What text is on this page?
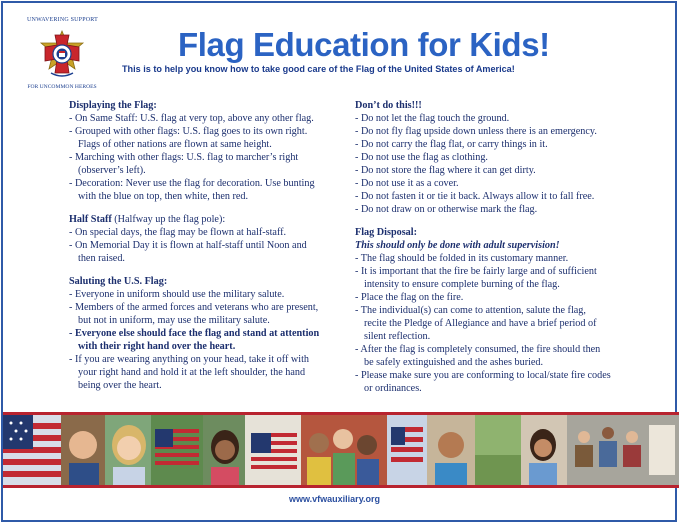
UNWAVERING SUPPORT
FOR UNCOMMON HEROES
Flag Education for Kids!
This is to help you know how to take good care of the Flag of the United States of America!
Displaying the Flag:
- On Same Staff: U.S. flag at very top, above any other flag.
- Grouped with other flags: U.S. flag goes to its own right.
Flags of other nations are flown at same height.
- Marching with other flags: U.S. flag to marcher’s right
(observer’s left).
- Decoration: Never use the flag for decoration. Use bunting
with the blue on top, then white, then red.
Half Staff (Halfway up the flag pole):
- On special days, the flag may be flown at half-staff.
- On Memorial Day it is flown at half-staff until Noon and
then raised.
Saluting the U.S. Flag:
- Everyone in uniform should use the military salute.
- Members of the armed forces and veterans who are present,
but not in uniform, may use the military salute.
- Everyone else should face the flag and stand at attention
with their right hand over the heart.
- If you are wearing anything on your head, take it off with
your right hand and hold it at the left shoulder, the hand
being over the heart.
Don’t do this!!!
- Do not let the flag touch the ground.
- Do not fly flag upside down unless there is an emergency.
- Do not carry the flag flat, or carry things in it.
- Do not use the flag as clothing.
- Do not store the flag where it can get dirty.
- Do not use it as a cover.
- Do not fasten it or tie it back. Always allow it to fall free.
- Do not draw on or otherwise mark the flag.
Flag Disposal:
This should only be done with adult supervision!
- The flag should be folded in its customary manner.
- It is important that the fire be fairly large and of sufficient
intensity to ensure complete burning of the flag.
- Place the flag on the fire.
- The individual(s) can come to attention, salute the flag,
recite the Pledge of Allegiance and have a brief period of
silent reflection.
- After the flag is completely consumed, the fire should then
be safely extinguished and the ashes buried.
- Please make sure you are conforming to local/state fire codes
or ordinances.
www.vfwauxiliary.org
